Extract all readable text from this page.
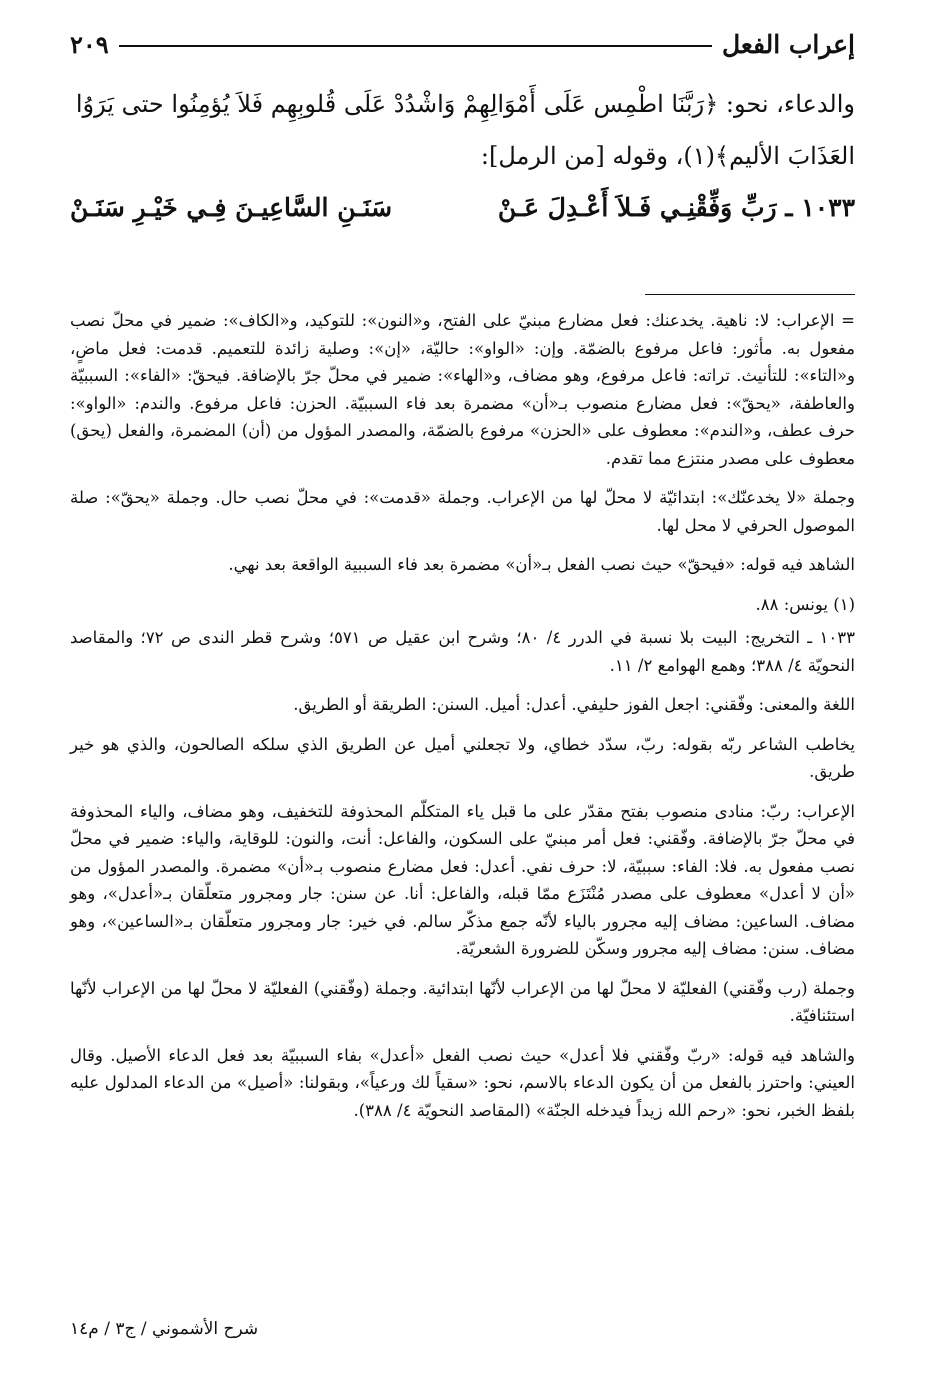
إعراب الفعل
٢٠٩

والدعاء، نحو: ﴿رَبَّنَا اطْمِس عَلَى أَمْوَالِهِمْ وَاشْدُدْ عَلَى قُلوبِهِم فَلاَ يُؤمِنُوا حتى يَرَوُا

العَذَابَ الأليم﴾(١)، وقوله [من الرمل]:

١٠٣٣ ـ رَبِّ وَفِّقْنِـي فَـلاَ أَعْـدِلَ عَـنْ
سَنَـنِ السَّاعِيـنَ فِـي خَيْـرِ سَنَـنْ

= الإعراب: لا: ناهية. يخدعنك: فعل مضارع مبنيّ على الفتح، و«النون»: للتوكيد، و«الكاف»: ضمير في محلّ نصب مفعول به. مأثور: فاعل مرفوع بالضمّة. وإن: «الواو»: حاليّة، «إن»: وصلية زائدة للتعميم. قدمت: فعل ماضٍ، و«التاء»: للتأنيث. تراته: فاعل مرفوع، وهو مضاف، و«الهاء»: ضمير في محلّ جرّ بالإضافة. فيحقّ: «الفاء»: السببيّة والعاطفة، «يحقّ»: فعل مضارع منصوب بـ«أن» مضمرة بعد فاء السببيّة. الحزن: فاعل مرفوع. والندم: «الواو»: حرف عطف، و«الندم»: معطوف على «الحزن» مرفوع بالضمّة، والمصدر المؤول من (أن) المضمرة، والفعل (يحق) معطوف على مصدر منتزع مما تقدم.

وجملة «لا يخدعنّك»: ابتدائيّة لا محلّ لها من الإعراب. وجملة «قدمت»: في محلّ نصب حال. وجملة «يحقّ»: صلة الموصول الحرفي لا محل لها.

الشاهد فيه قوله: «فيحقّ» حيث نصب الفعل بـ«أن» مضمرة بعد فاء السببية الواقعة بعد نهي.

(١) يونس: ٨٨.

١٠٣٣ ـ التخريج: البيت بلا نسبة في الدرر ٤/ ٨٠؛ وشرح ابن عقيل ص ٥٧١؛ وشرح قطر الندى ص ٧٢؛ والمقاصد النحويّة ٤/ ٣٨٨؛ وهمع الهوامع ٢/ ١١.

اللغة والمعنى: وفّقني: اجعل الفوز حليفي. أعدل: أميل. السنن: الطريقة أو الطريق.

يخاطب الشاعر ربّه بقوله: ربّ، سدّد خطاي، ولا تجعلني أميل عن الطريق الذي سلكه الصالحون، والذي هو خير طريق.

الإعراب: ربّ: منادى منصوب بفتح مقدّر على ما قبل ياء المتكلّم المحذوفة للتخفيف، وهو مضاف، والياء المحذوفة في محلّ جرّ بالإضافة. وفّقني: فعل أمر مبنيّ على السكون، والفاعل: أنت، والنون: للوقاية، والياء: ضمير في محلّ نصب مفعول به. فلا: الفاء: سببيّة، لا: حرف نفي. أعدل: فعل مضارع منصوب بـ«أن» مضمرة. والمصدر المؤول من «أن لا أعدل» معطوف على مصدر مُنْتَزَع ممّا قبله، والفاعل: أنا. عن سنن: جار ومجرور متعلّقان بـ«أعدل»، وهو مضاف. الساعين: مضاف إليه مجرور بالياء لأنّه جمع مذكّر سالم. في خير: جار ومجرور متعلّقان بـ«الساعين»، وهو مضاف. سنن: مضاف إليه مجرور وسكّن للضرورة الشعريّة.

وجملة (رب وفّقني) الفعليّة لا محلّ لها من الإعراب لأنّها ابتدائية. وجملة (وفّقني) الفعليّة لا محلّ لها من الإعراب لأنّها استئنافيّة.

والشاهد فيه قوله: «ربّ وفّقني فلا أعدل» حيث نصب الفعل «أعدل» بفاء السببيّة بعد فعل الدعاء الأصيل. وقال العيني: واحترز بالفعل من أن يكون الدعاء بالاسم، نحو: «سقياً لك ورعياً»، وبقولنا: «أصيل» من الدعاء المدلول عليه بلفظ الخبر، نحو: «رحم الله زيداً فيدخله الجنّة» (المقاصد النحويّة ٤/ ٣٨٨).

شرح الأشموني / ج٣ / م١٤
